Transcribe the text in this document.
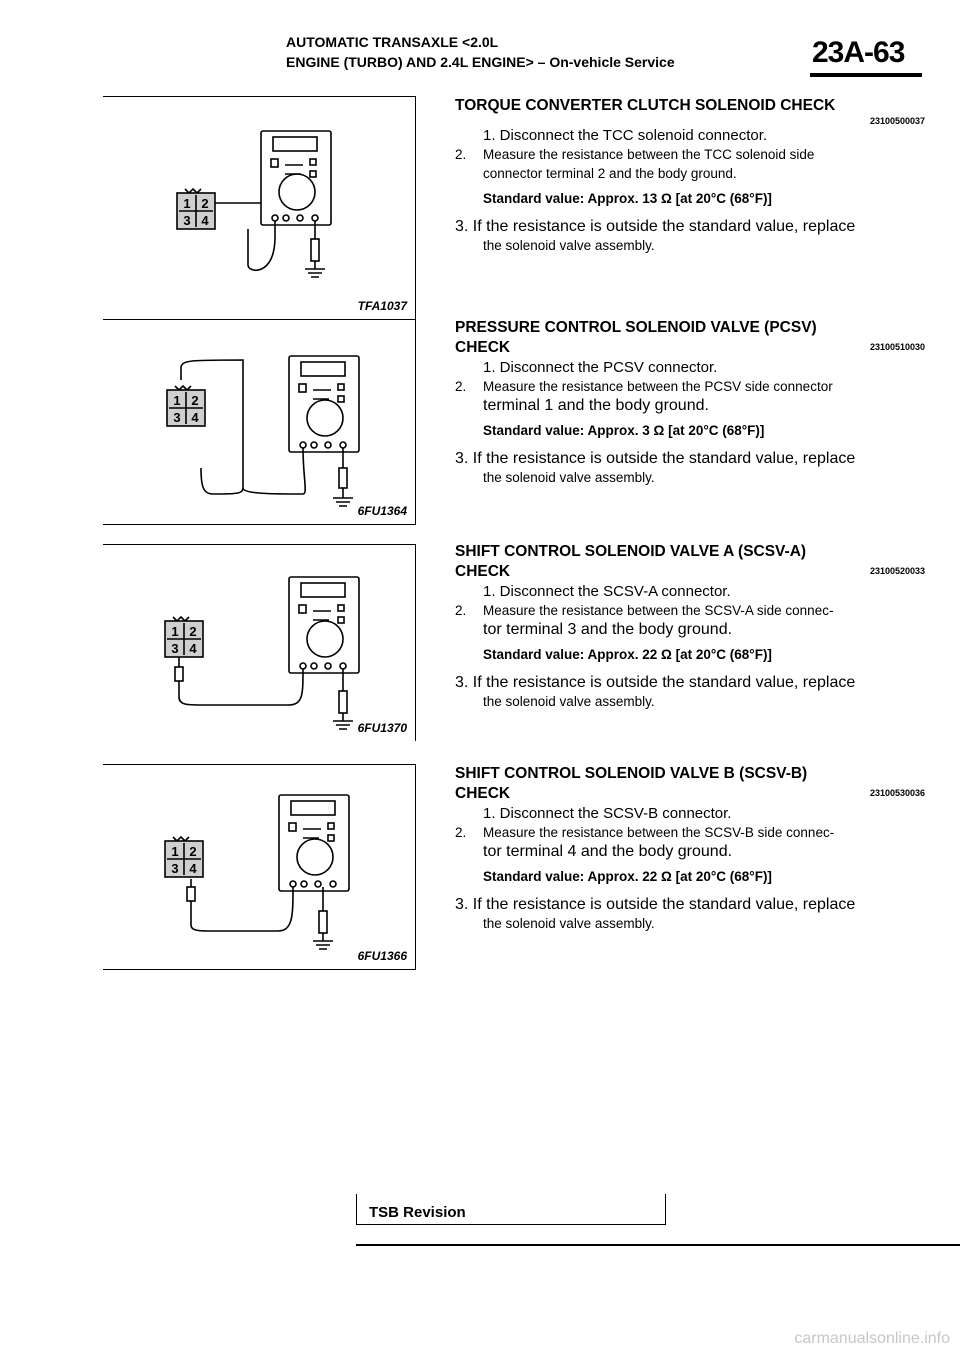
AUTOMATIC TRANSAXLE <2.0L
ENGINE (TURBO) AND 2.4L ENGINE> – On-vehicle Service	23A-63
1 2
3 4
TFA1037
1 2
3 4
6FU1364
1 2
3 4
6FU1370
1 2
3 4
6FU1366
TORQUE CONVERTER CLUTCH SOLENOID CHECK
23100500037
1. Disconnect the TCC solenoid connector.
2. Measure the resistance between the TCC solenoid side
connector terminal 2 and the body ground.
Standard value: Approx. 13 Ω [at 20°C (68°F)]
3. If the resistance is outside the standard value, replace
the solenoid valve assembly.
PRESSURE CONTROL SOLENOID VALVE (PCSV)
CHECK	23100510030
1. Disconnect the PCSV connector.
2. Measure the resistance between the PCSV side connector
terminal 1 and the body ground.
Standard value: Approx. 3 Ω [at 20°C (68°F)]
3. If the resistance is outside the standard value, replace
the solenoid valve assembly.
SHIFT CONTROL SOLENOID VALVE A (SCSV-A)
CHECK	23100520033
1. Disconnect the SCSV-A connector.
2. Measure the resistance between the SCSV-A side connec-
tor terminal 3 and the body ground.
Standard value: Approx. 22 Ω [at 20°C (68°F)]
3. If the resistance is outside the standard value, replace
the solenoid valve assembly.
SHIFT CONTROL SOLENOID VALVE B (SCSV-B)
CHECK	23100530036
1. Disconnect the SCSV-B connector.
2. Measure the resistance between the SCSV-B side connec-
tor terminal 4 and the body ground.
Standard value: Approx. 22 Ω [at 20°C (68°F)]
3. If the resistance is outside the standard value, replace
the solenoid valve assembly.
TSB Revision
carmanualsonline.info
